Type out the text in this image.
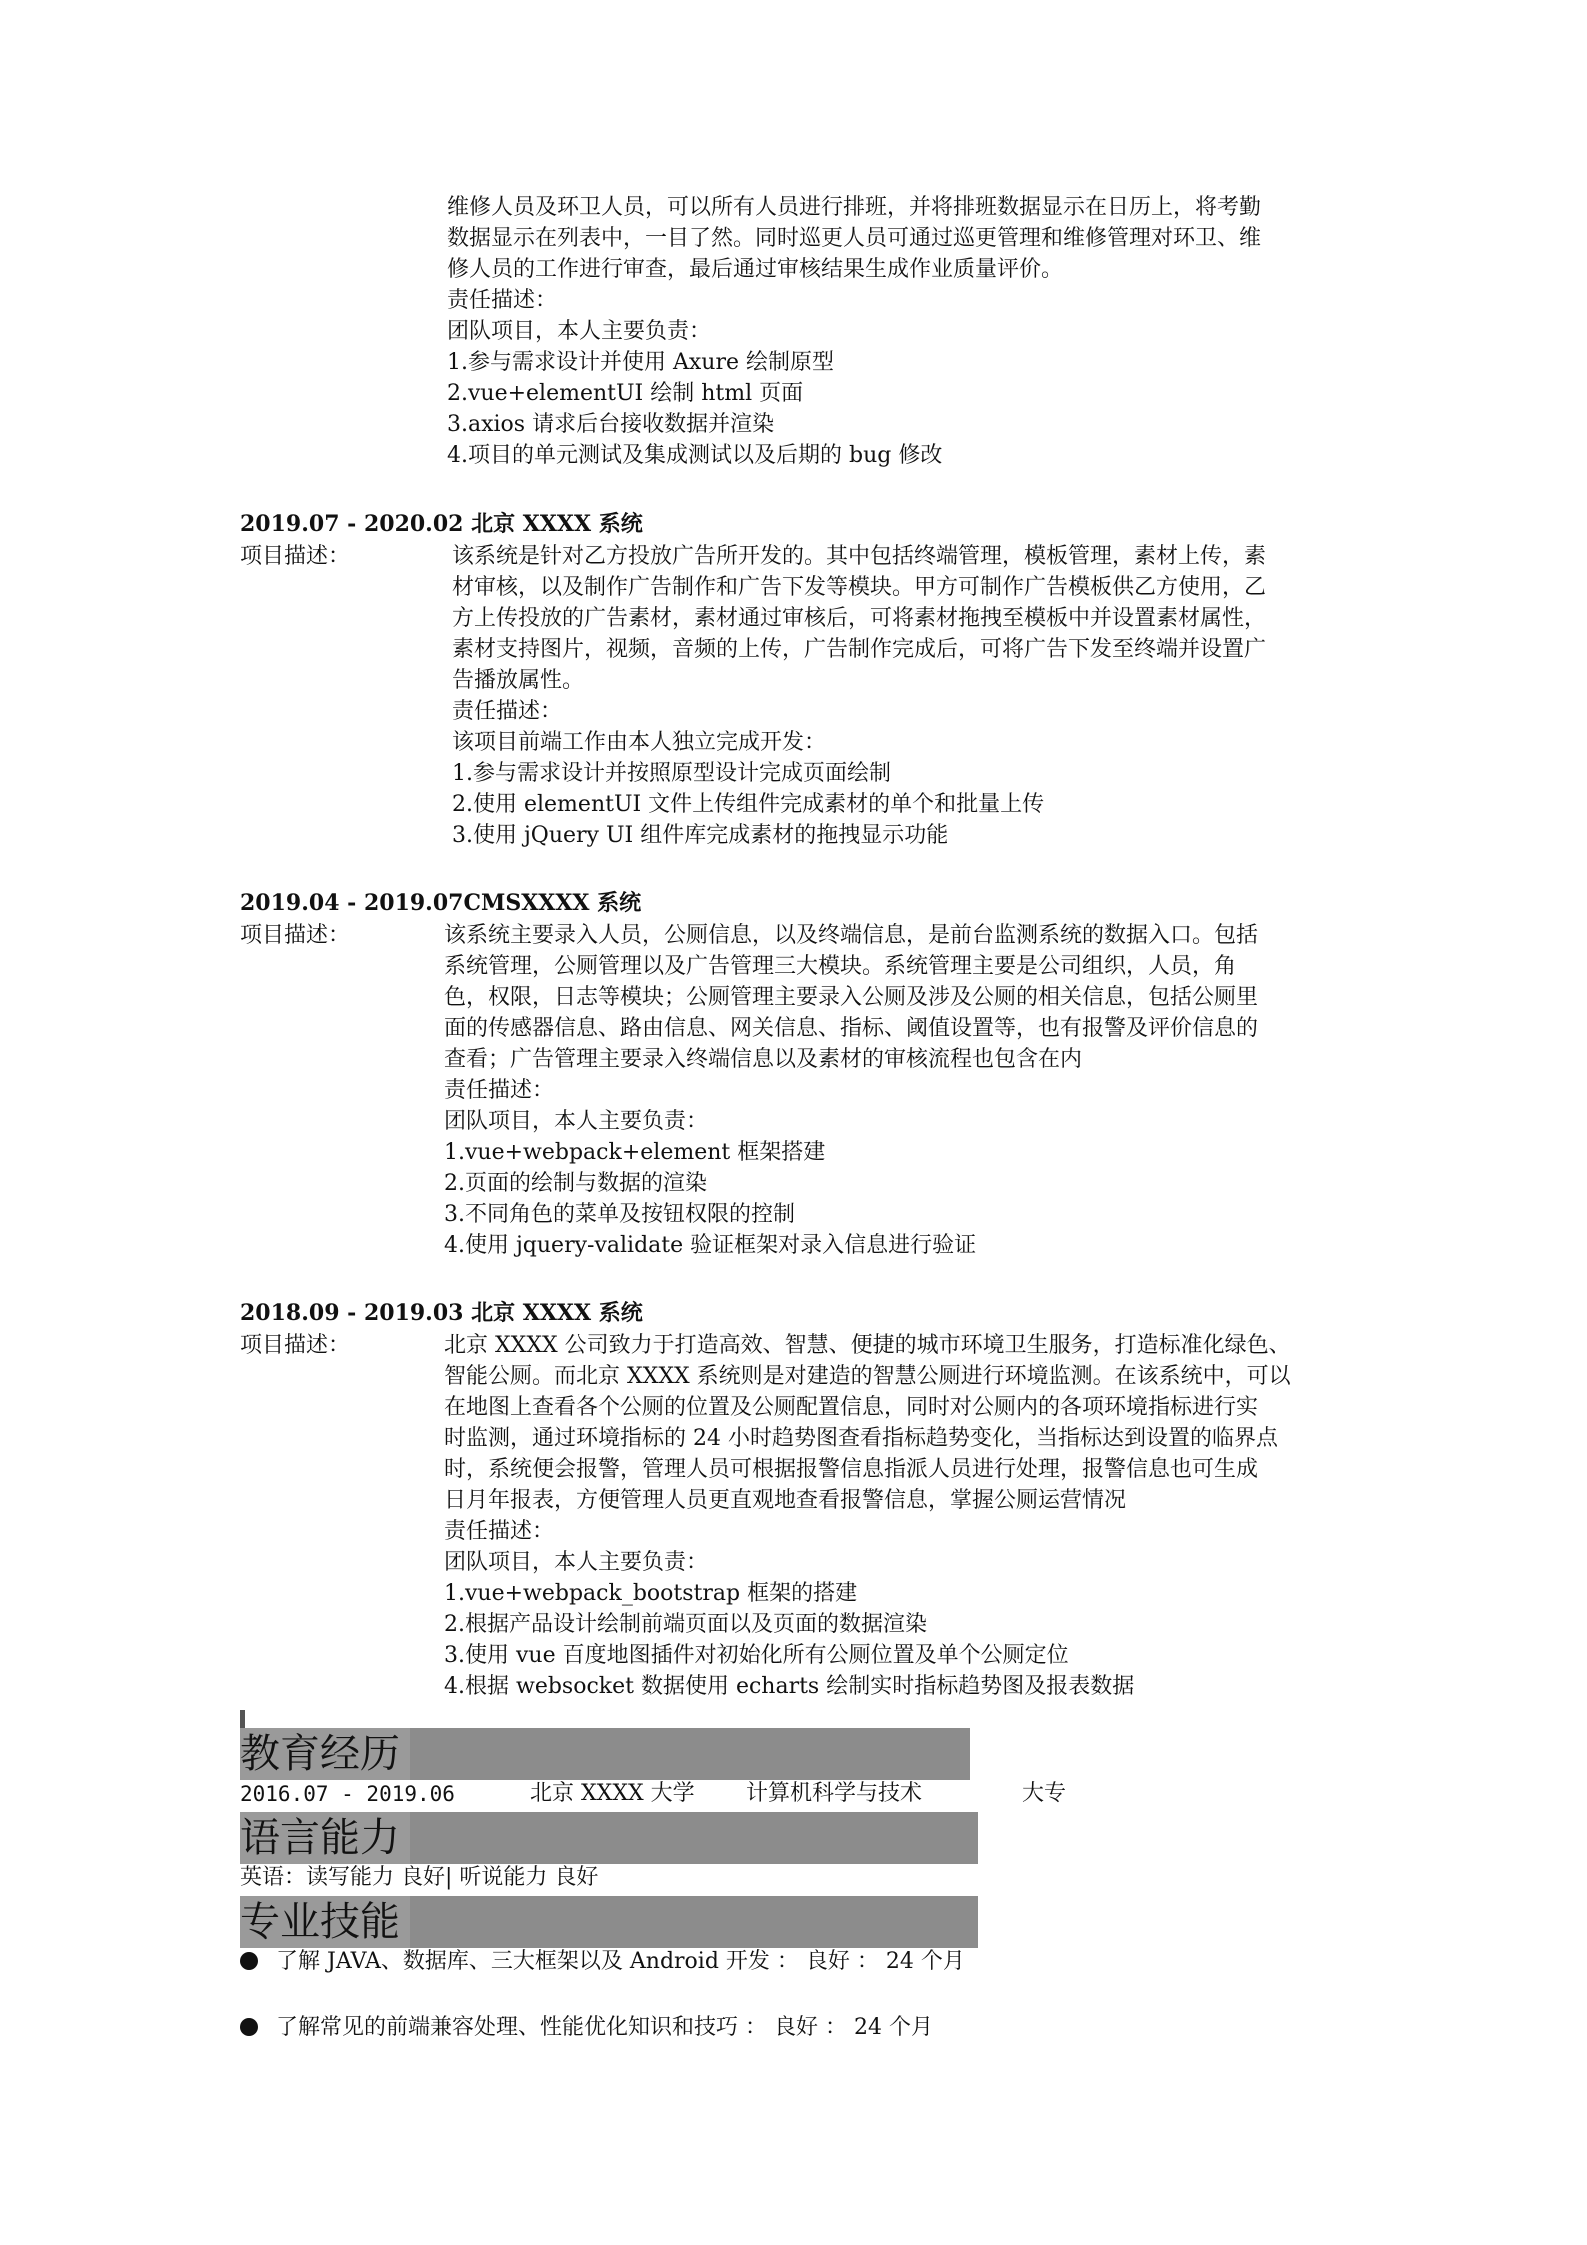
维修人员及环卫人员，可以所有人员进行排班，并将排班数据显示在日历上，将考勤
数据显示在列表中，一目了然。同时巡更人员可通过巡更管理和维修管理对环卫、维
修人员的工作进行审查，最后通过审核结果生成作业质量评价。
责任描述：
团队项目，本人主要负责：
1.参与需求设计并使用 Axure 绘制原型
2.vue+elementUI 绘制 html 页面
3.axios 请求后台接收数据并渲染
4.项目的单元测试及集成测试以及后期的 bug 修改
2019.07 - 2020.02 北京 XXXX 系统
项目描述：	该系统是针对乙方投放广告所开发的。其中包括终端管理，模板管理，素材上传，素
材审核，以及制作广告制作和广告下发等模块。甲方可制作广告模板供乙方使用，乙
方上传投放的广告素材，素材通过审核后，可将素材拖拽至模板中并设置素材属性，
素材支持图片，视频，音频的上传，广告制作完成后，可将广告下发至终端并设置广
告播放属性。
责任描述：
该项目前端工作由本人独立完成开发：
1.参与需求设计并按照原型设计完成页面绘制
2.使用 elementUI 文件上传组件完成素材的单个和批量上传
3.使用 jQuery UI 组件库完成素材的拖拽显示功能
2019.04 - 2019.07CMSXXXX 系统
项目描述：	该系统主要录入人员，公厕信息，以及终端信息，是前台监测系统的数据入口。包括
系统管理，公厕管理以及广告管理三大模块。系统管理主要是公司组织，人员，角
色，权限，日志等模块；公厕管理主要录入公厕及涉及公厕的相关信息，包括公厕里
面的传感器信息、路由信息、网关信息、指标、阈值设置等，也有报警及评价信息的
查看；广告管理主要录入终端信息以及素材的审核流程也包含在内
责任描述：
团队项目，本人主要负责：
1.vue+webpack+element 框架搭建
2.页面的绘制与数据的渲染
3.不同角色的菜单及按钮权限的控制
4.使用 jquery-validate 验证框架对录入信息进行验证
2018.09 - 2019.03 北京 XXXX 系统
项目描述：	北京 XXXX 公司致力于打造高效、智慧、便捷的城市环境卫生服务，打造标准化绿色、
智能公厕。而北京 XXXX 系统则是对建造的智慧公厕进行环境监测。在该系统中，可以
在地图上查看各个公厕的位置及公厕配置信息，同时对公厕内的各项环境指标进行实
时监测，通过环境指标的 24 小时趋势图查看指标趋势变化，当指标达到设置的临界点
时，系统便会报警，管理人员可根据报警信息指派人员进行处理，报警信息也可生成
日月年报表，方便管理人员更直观地查看报警信息，掌握公厕运营情况
责任描述：
团队项目，本人主要负责：
1.vue+webpack_bootstrap 框架的搭建
2.根据产品设计绘制前端页面以及页面的数据渲染
3.使用 vue 百度地图插件对初始化所有公厕位置及单个公厕定位
4.根据 websocket 数据使用 echarts 绘制实时指标趋势图及报表数据
教育经历
2016.07 - 2019.06	北京 XXXX 大学 计算机科学与技术	大专
语言能力
英语：读写能力 良好| 听说能力 良好
专业技能
了解 JAVA、数据库、三大框架以及 Android 开发 ： 良好 ： 24 个月
了解常见的前端兼容处理、性能优化知识和技巧 ： 良好 ： 24 个月
